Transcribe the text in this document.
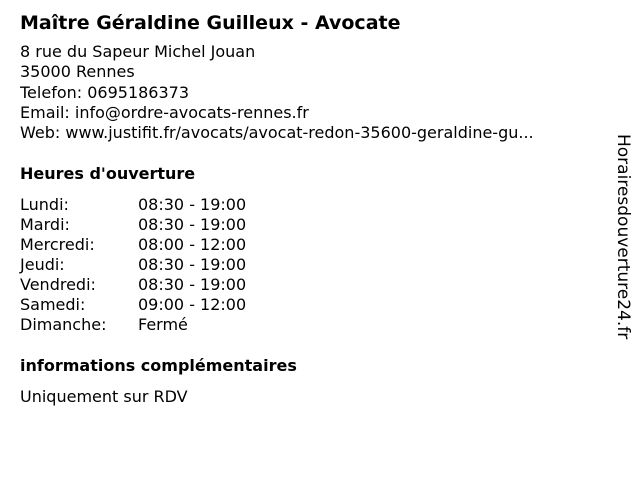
Maître Géraldine Guilleux - Avocate
8 rue du Sapeur Michel Jouan
35000 Rennes
Telefon: 0695186373
Email: info@ordre-avocats-rennes.fr
Web: www.justifit.fr/avocats/avocat-redon-35600-geraldine-gu...
Heures d'ouverture
Lundi:	08:30 - 19:00
Mardi:	08:30 - 19:00
Mercredi:	08:00 - 12:00
Jeudi:	08:30 - 19:00
Vendredi:	08:30 - 19:00
Samedi:	09:00 - 12:00
Dimanche:	Fermé
informations complémentaires
Uniquement sur RDV
Horairesdouverture24.fr
